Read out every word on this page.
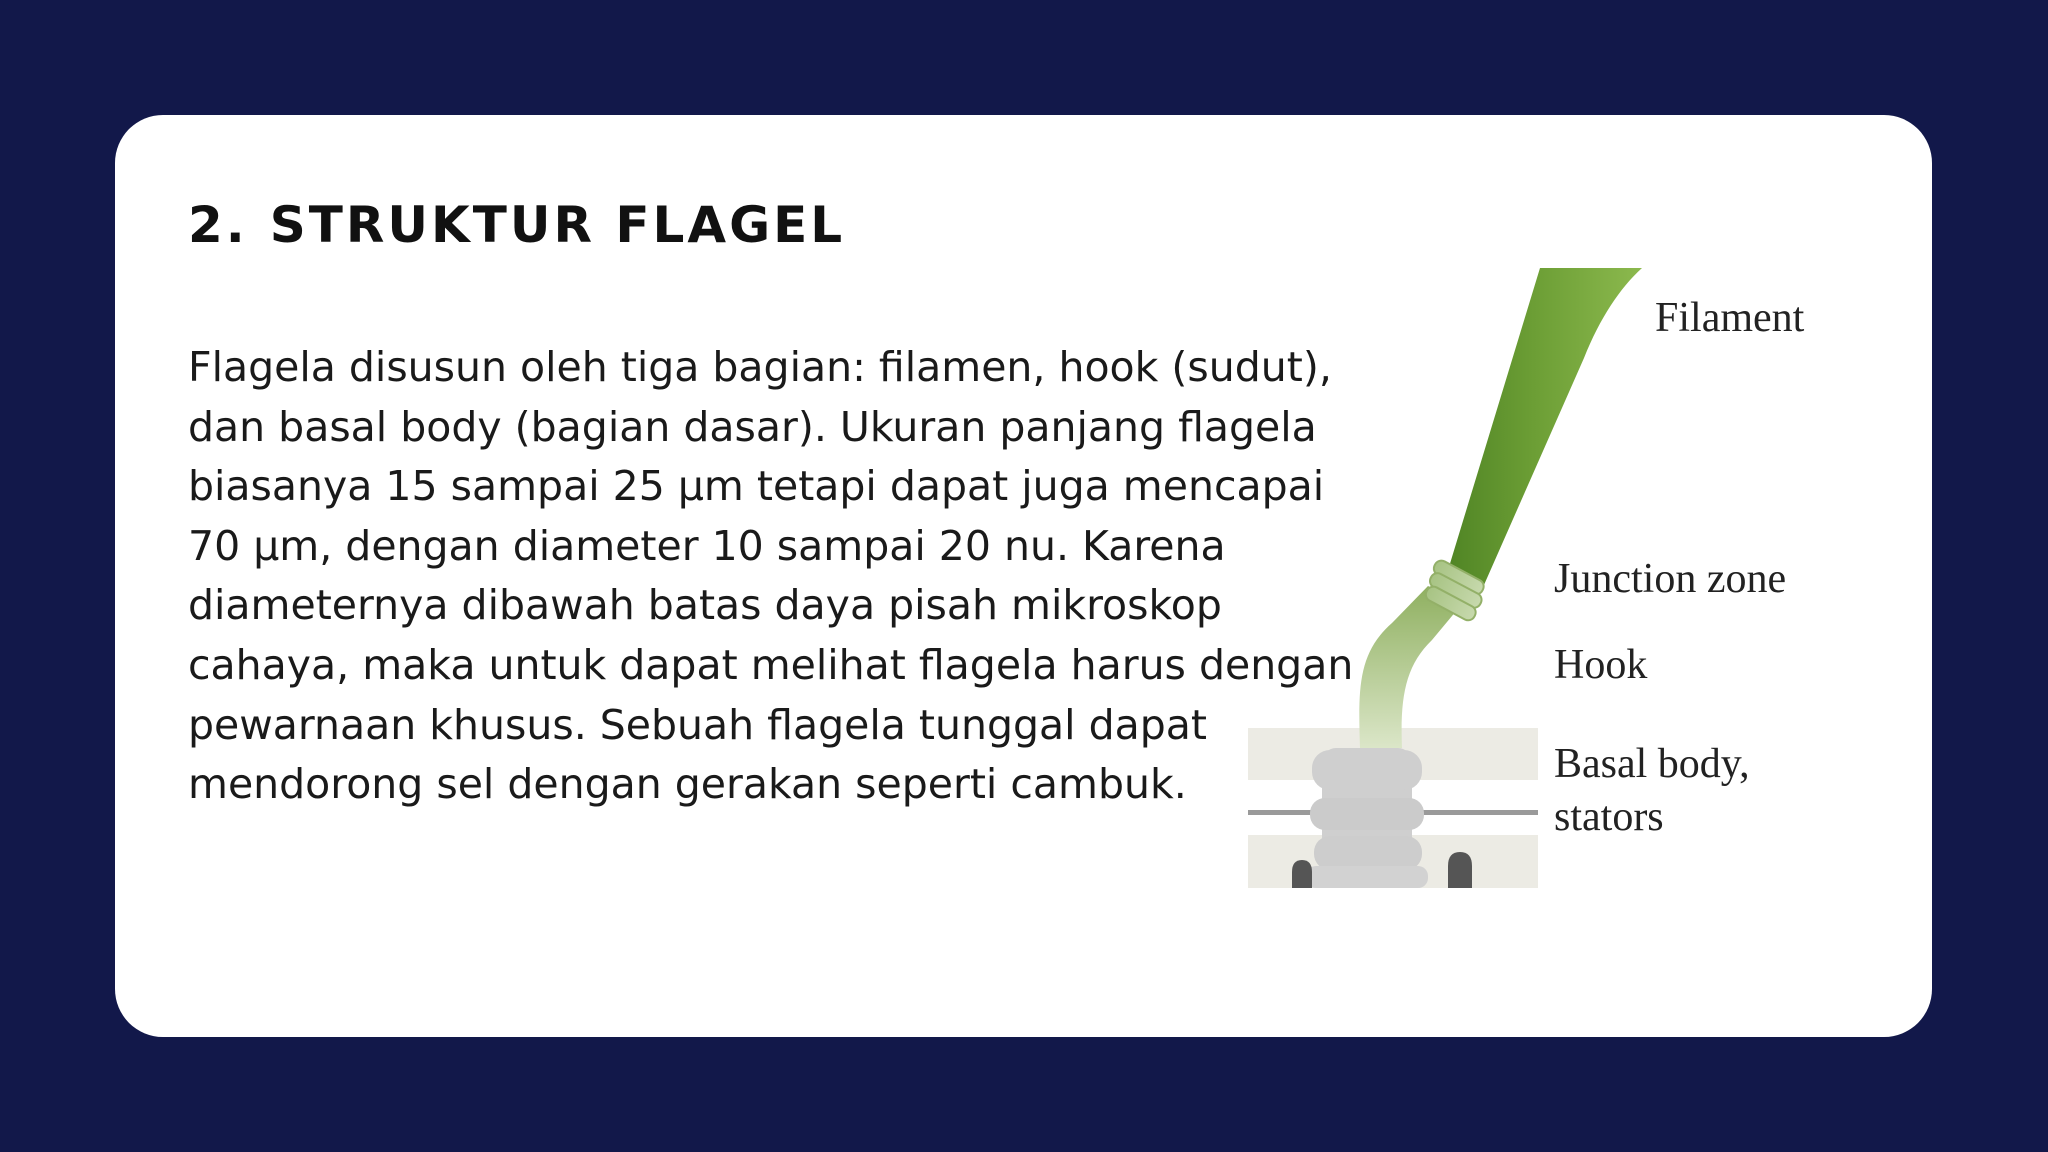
2. STRUKTUR FLAGEL

Flagela disusun oleh tiga bagian: filamen, hook (sudut),
dan basal body (bagian dasar). Ukuran panjang flagela
biasanya 15 sampai 25 μm tetapi dapat juga mencapai
70 μm, dengan diameter 10 sampai 20 nu. Karena
diameternya dibawah batas daya pisah mikroskop
cahaya, maka untuk dapat melihat flagela harus dengan
pewarnaan khusus. Sebuah flagela tunggal dapat
mendorong sel dengan gerakan seperti cambuk.

Filament

Junction zone

Hook

Basal body,

stators
